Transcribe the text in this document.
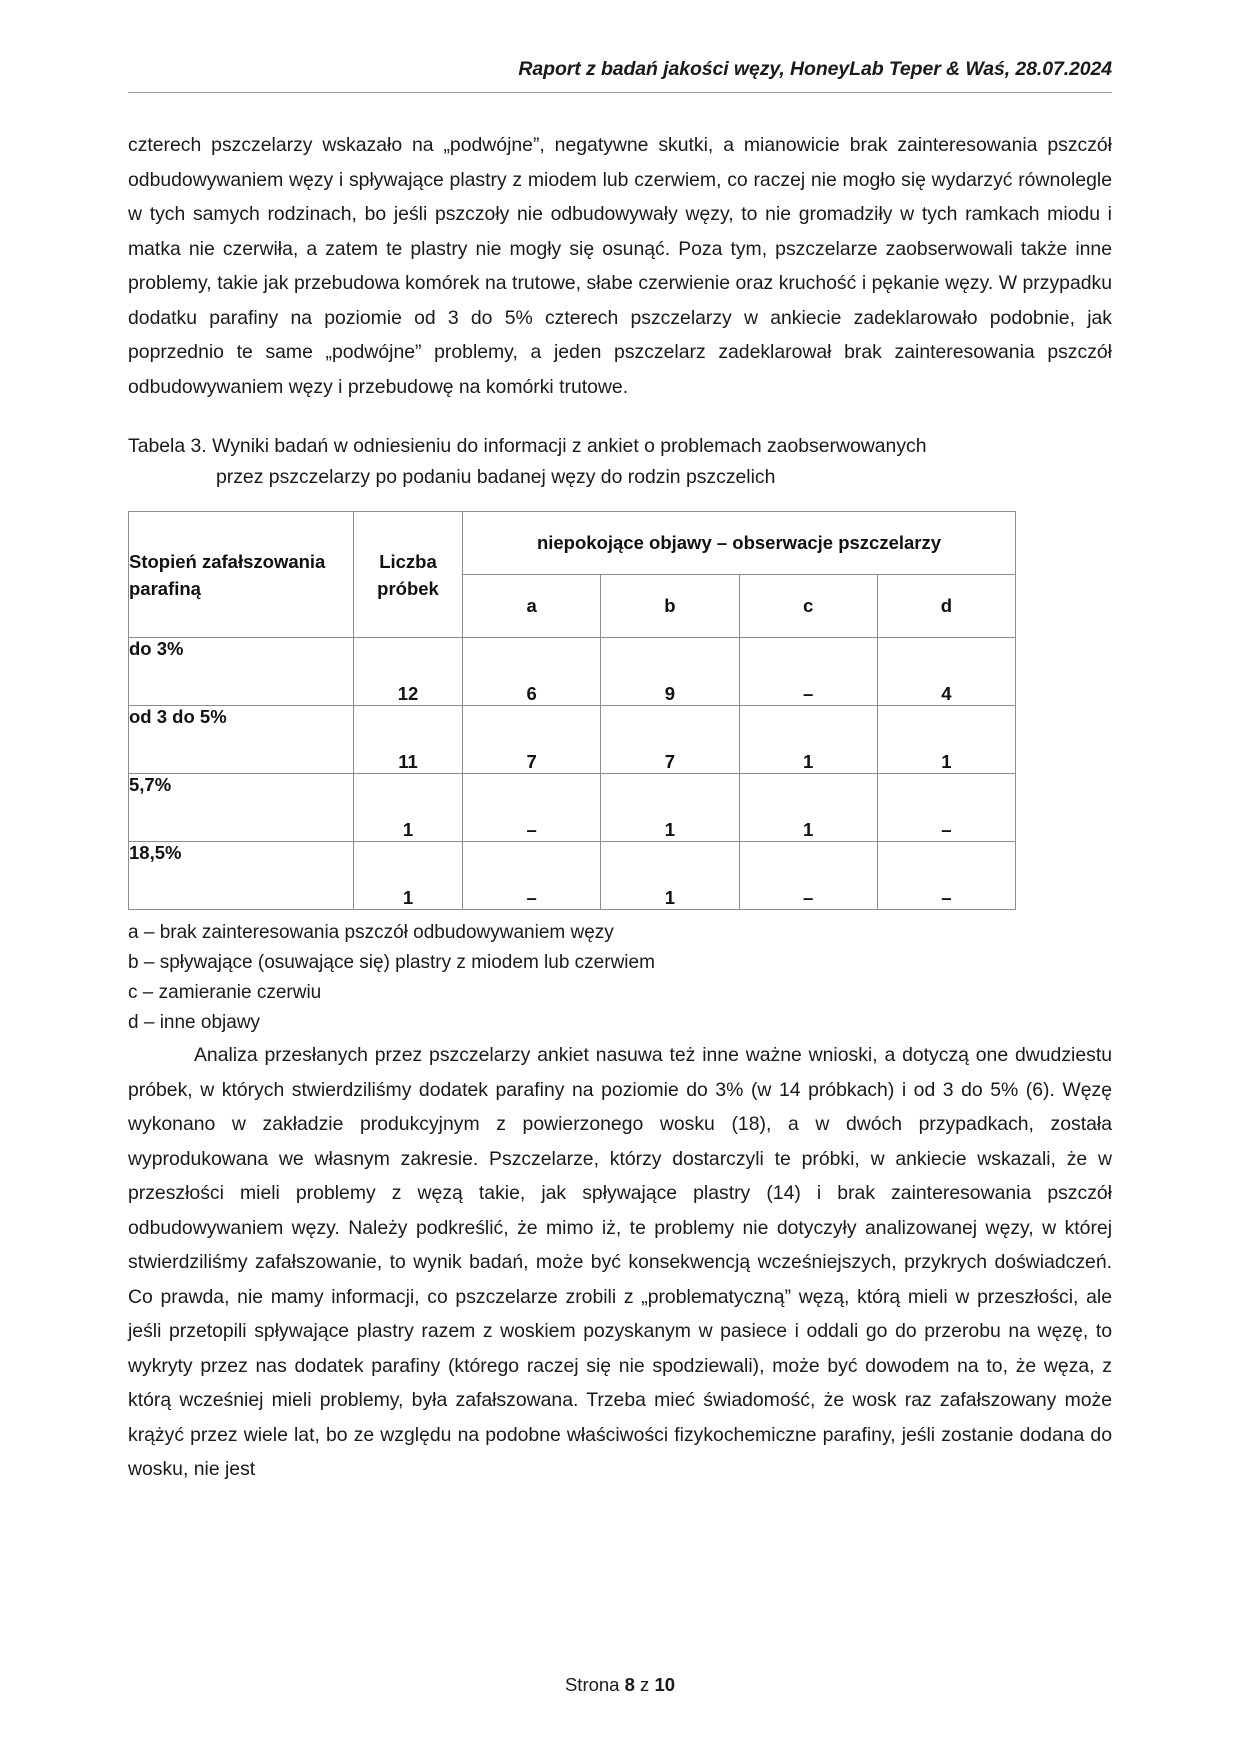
Raport z badań jakości węzy, HoneyLab Teper & Waś, 28.07.2024

czterech pszczelarzy wskazało na „podwójne”, negatywne skutki, a mianowicie brak zainteresowania pszczół odbudowywaniem węzy i spływające plastry z miodem lub czerwiem, co raczej nie mogło się wydarzyć równolegle w tych samych rodzinach, bo jeśli pszczoły nie odbudowywały węzy, to nie gromadziły w tych ramkach miodu i matka nie czerwiła, a zatem te plastry nie mogły się osunąć. Poza tym, pszczelarze zaobserwowali także inne problemy, takie jak przebudowa komórek na trutowe, słabe czerwienie oraz kruchość i pękanie węzy. W przypadku dodatku parafiny na poziomie od 3 do 5% czterech pszczelarzy w ankiecie zadeklarowało podobnie, jak poprzednio te same „podwójne” problemy, a jeden pszczelarz zadeklarował brak zainteresowania pszczół odbudowywaniem węzy i przebudowę na komórki trutowe.

Tabela 3. Wyniki badań w odniesieniu do informacji z ankiet o problemach zaobserwowanych
przez pszczelarzy po podaniu badanej węzy do rodzin pszczelich
Stopień zafałszowania parafiną	Liczba próbek	niepokojące objawy – obserwacje pszczelarzy			
		a	b	c	d
do 3%	12	6	9	–	4
od 3 do 5%	11	7	7	1	1
5,7%	1	–	1	1	–
18,5%	1	–	1	–	–
a – brak zainteresowania pszczół odbudowywaniem węzy
b – spływające (osuwające się) plastry z miodem lub czerwiem
c – zamieranie czerwiu
d – inne objawy

Analiza przesłanych przez pszczelarzy ankiet nasuwa też inne ważne wnioski, a dotyczą one dwudziestu próbek, w których stwierdziliśmy dodatek parafiny na poziomie do 3% (w 14 próbkach) i od 3 do 5% (6). Węzę wykonano w zakładzie produkcyjnym z powierzonego wosku (18), a w dwóch przypadkach, została wyprodukowana we własnym zakresie. Pszczelarze, którzy dostarczyli te próbki, w ankiecie wskazali, że w przeszłości mieli problemy z węzą takie, jak spływające plastry (14) i brak zainteresowania pszczół odbudowywaniem węzy. Należy podkreślić, że mimo iż, te problemy nie dotyczyły analizowanej węzy, w której stwierdziliśmy zafałszowanie, to wynik badań, może być konsekwencją wcześniejszych, przykrych doświadczeń. Co prawda, nie mamy informacji, co pszczelarze zrobili z „problematyczną” węzą, którą mieli w przeszłości, ale jeśli przetopili spływające plastry razem z woskiem pozyskanym w pasiece i oddali go do przerobu na węzę, to wykryty przez nas dodatek parafiny (którego raczej się nie spodziewali), może być dowodem na to, że węza, z którą wcześniej mieli problemy, była zafałszowana. Trzeba mieć świadomość, że wosk raz zafałszowany może krążyć przez wiele lat, bo ze względu na podobne właściwości fizykochemiczne parafiny, jeśli zostanie dodana do wosku, nie jest

Strona 8 z 10
